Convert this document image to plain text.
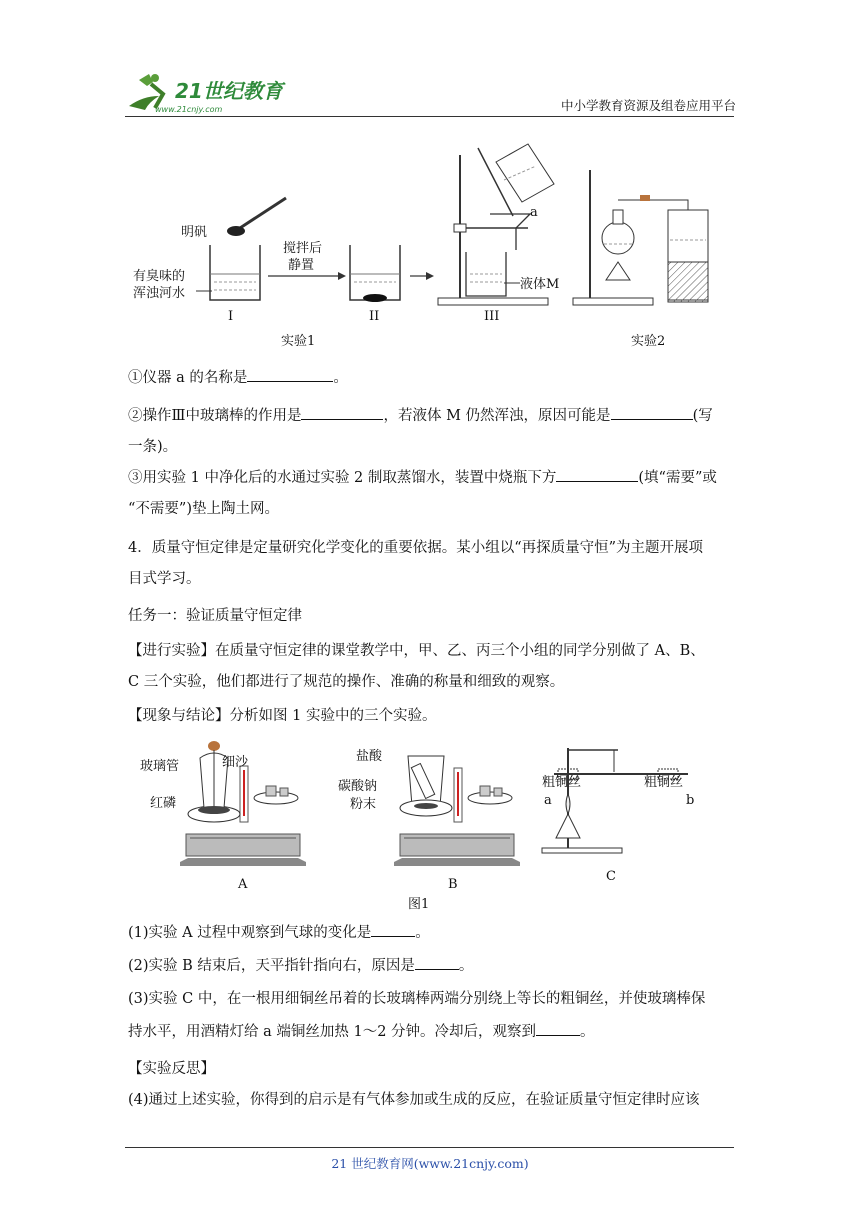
21世纪教育
www.21cnjy.com	中小学教育资源及组卷应用平台
明矾
有臭味的
浑浊河水
搅拌后
静置
a
液体M
I	II	III
实验1	实验2
①仪器 a 的名称是	。
②操作Ⅲ中玻璃棒的作用是	，若液体 M 仍然浑浊，原因可能是	(写
一条)。
③用实验 1 中净化后的水通过实验 2 制取蒸馏水，装置中烧瓶下方	(填“需要”或
“不需要”)垫上陶土网。
4．质量守恒定律是定量研究化学变化的重要依据。某小组以“再探质量守恒”为主题开展项
目式学习。
任务一：验证质量守恒定律
【进行实验】在质量守恒定律的课堂教学中，甲、乙、丙三个小组的同学分别做了 A、B、
C 三个实验，他们都进行了规范的操作、准确的称量和细致的观察。
【现象与结论】分析如图 1 实验中的三个实验。
玻璃管	细沙
红磷
A
盐酸
碳酸钠
粉末
B
粗铜丝	粗铜丝
a	b
C
图1
(1)实验 A 过程中观察到气球的变化是	。
(2)实验 B 结束后，天平指针指向右，原因是	。
(3)实验 C 中，在一根用细铜丝吊着的长玻璃棒两端分别绕上等长的粗铜丝，并使玻璃棒保
持水平，用酒精灯给 a 端铜丝加热 1～2 分钟。冷却后，观察到	。
【实验反思】
(4)通过上述实验，你得到的启示是有气体参加或生成的反应，在验证质量守恒定律时应该
21 世纪教育网(www.21cnjy.com)
